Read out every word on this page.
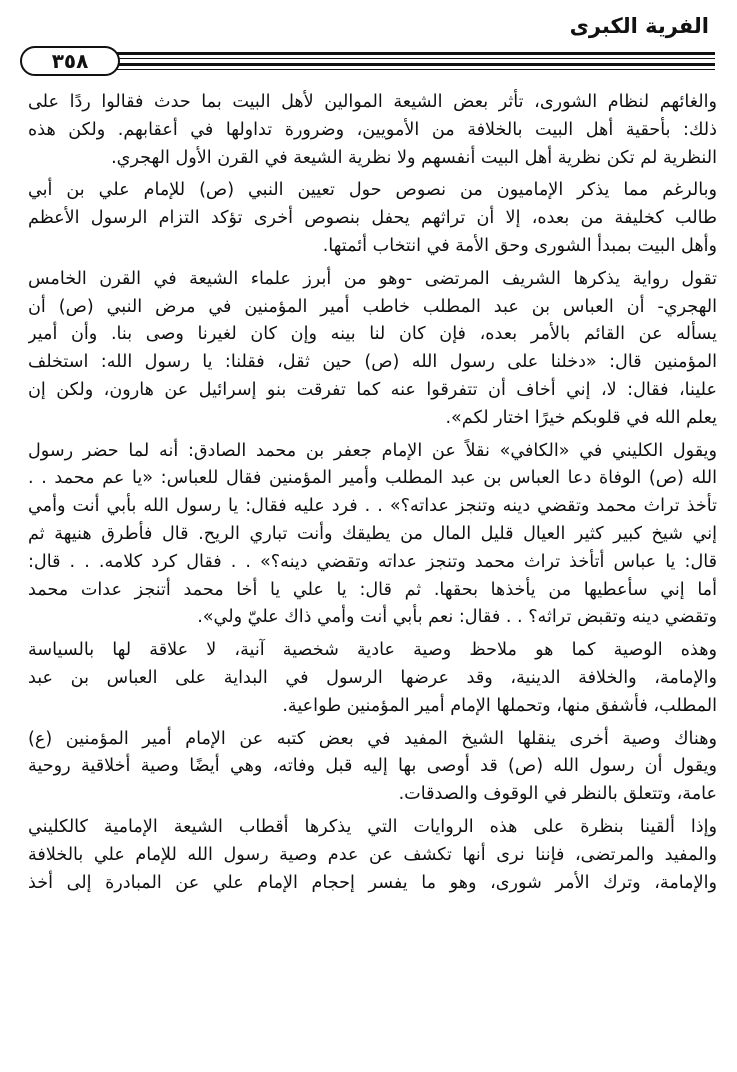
الفرية الكبرى
٣٥٨
والغائهم لنظام الشورى، تأثر بعض الشيعة الموالين لأهل البيت بما حدث فقالوا ردًا على
ذلك: بأحقية أهل البيت بالخلافة من الأمويين، وضرورة تداولها في أعقابهم. ولكن هذه
النظرية لم تكن نظرية أهل البيت أنفسهم ولا نظرية الشيعة في القرن الأول الهجري.
وبالرغم مما يذكر الإماميون من نصوص حول تعيين النبي (ص) للإمام علي بن أبي
طالب كخليفة من بعده، إلا أن تراثهم يحفل بنصوص أخرى تؤكد التزام الرسول الأعظم
وأهل البيت بمبدأ الشورى وحق الأمة في انتخاب أئمتها.
تقول رواية يذكرها الشريف المرتضى -وهو من أبرز علماء الشيعة في القرن الخامس
الهجري- أن العباس بن عبد المطلب خاطب أمير المؤمنين في مرض النبي (ص) أن
يسأله عن القائم بالأمر بعده، فإن كان لنا بينه وإن كان لغيرنا وصى بنا. وأن أمير
المؤمنين قال: «دخلنا على رسول الله (ص) حين ثقل، فقلنا: يا رسول الله: استخلف
علينا، فقال: لا، إني أخاف أن تتفرقوا عنه كما تفرقت بنو إسرائيل عن هارون، ولكن إن
يعلم الله في قلوبكم خيرًا اختار لكم».
ويقول الكليني في «الكافي» نقلاً عن الإمام جعفر بن محمد الصادق: أنه لما حضر رسول
الله (ص) الوفاة دعا العباس بن عبد المطلب وأمير المؤمنين فقال للعباس: «يا عم محمد . .
تأخذ تراث محمد وتقضي دينه وتنجز عداته؟» . . فرد عليه فقال: يا رسول الله بأبي أنت وأمي
إني شيخ كبير كثير العيال قليل المال من يطيقك وأنت تباري الريح. قال فأطرق هنيهة ثم
قال: يا عباس أتأخذ تراث محمد وتنجز عداته وتقضي دينه؟» . . فقال كرد كلامه. . . قال:
أما إني سأعطيها من يأخذها بحقها. ثم قال: يا علي يا أخا محمد أتنجز عدات محمد
وتقضي دينه وتقبض تراثه؟ . . فقال: نعم بأبي أنت وأمي ذاك عليّ ولي».
وهذه الوصية كما هو ملاحظ وصية عادية شخصية آنية، لا علاقة لها بالسياسة
والإمامة، والخلافة الدينية، وقد عرضها الرسول في البداية على العباس بن عبد
المطلب، فأشفق منها، وتحملها الإمام أمير المؤمنين طواعية.
وهناك وصية أخرى ينقلها الشيخ المفيد في بعض كتبه عن الإمام أمير المؤمنين (ع)
ويقول أن رسول الله (ص) قد أوصى بها إليه قبل وفاته، وهي أيضًا وصية أخلاقية روحية
عامة، وتتعلق بالنظر في الوقوف والصدقات.
وإذا ألقينا بنظرة على هذه الروايات التي يذكرها أقطاب الشيعة الإمامية كالكليني
والمفيد والمرتضى، فإننا نرى أنها تكشف عن عدم وصية رسول الله للإمام علي بالخلافة
والإمامة، وترك الأمر شورى، وهو ما يفسر إحجام الإمام علي عن المبادرة إلى أخذ
